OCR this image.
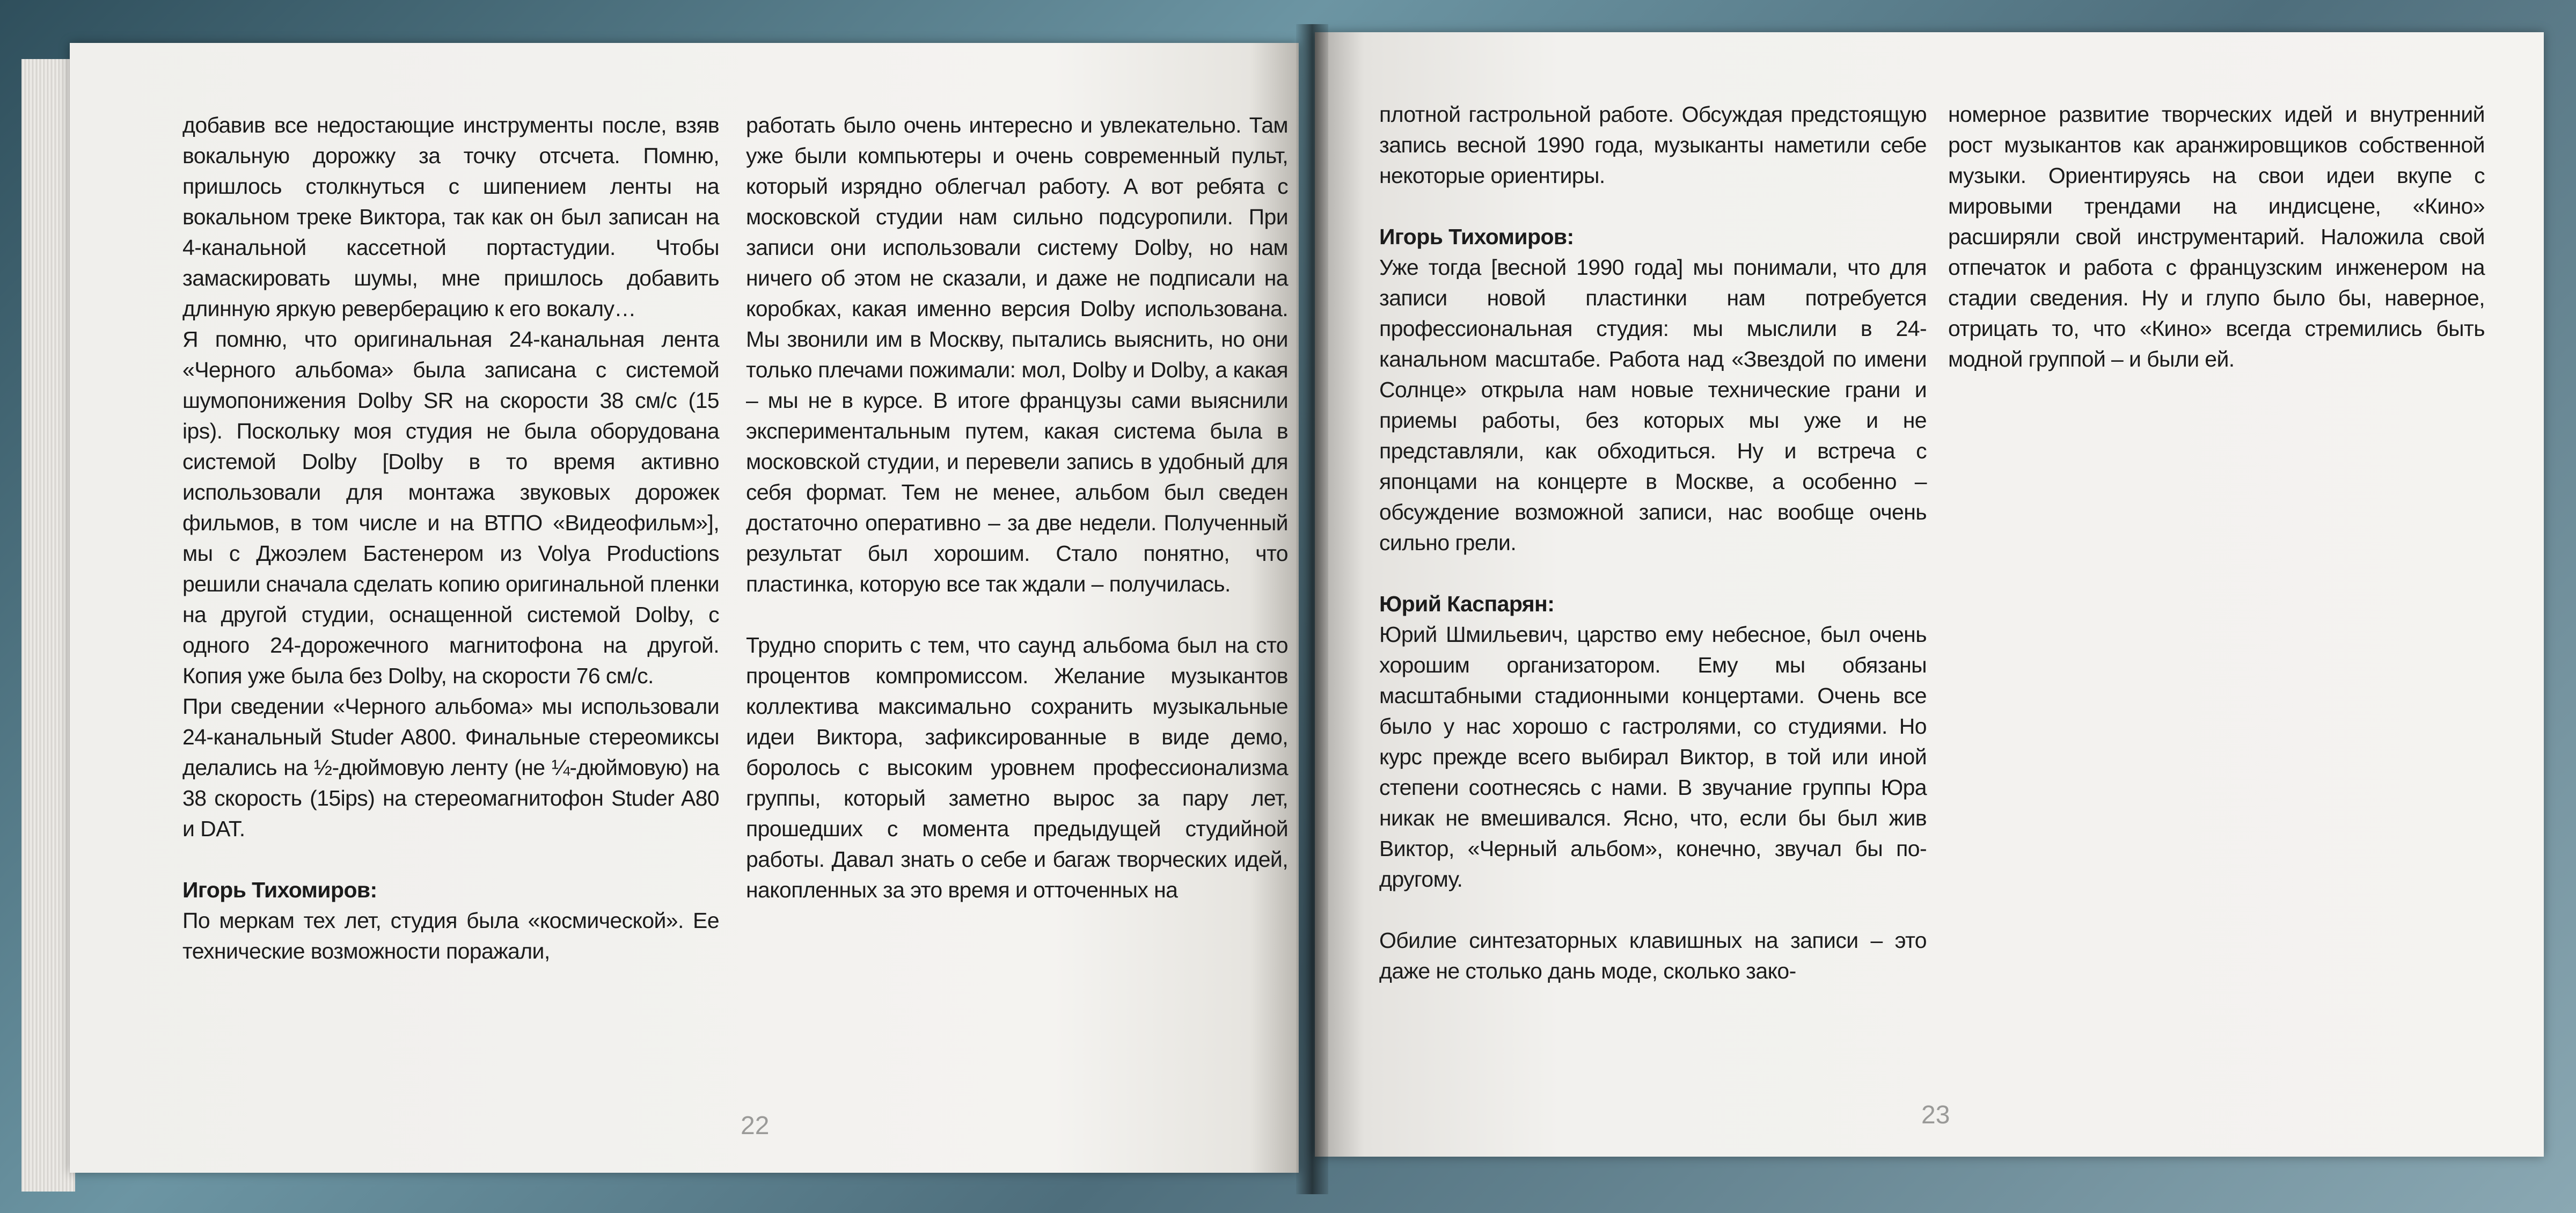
добавив все недостающие инструменты после, взяв вокальную дорожку за точку отсчета. Помню, пришлось столкнуться с шипением ленты на вокальном треке Виктора, так как он был записан на 4-канальной кассетной портастудии. Чтобы замаскировать шумы, мне пришлось добавить длинную яркую реверберацию к его вокалу…

Я помню, что оригинальная 24-канальная лента «Черного альбома» была записана с системой шумопонижения Dolby SR на скорости 38 см/с (15 ips). Поскольку моя студия не была оборудована системой Dolby [Dolby в то время активно использовали для монтажа звуковых дорожек фильмов, в том числе и на ВТПО «Видеофильм»], мы с Джоэлем Бастенером из Volya Productions решили сначала сделать копию оригинальной пленки на другой студии, оснащенной системой Dolby, с одного 24-дорожечного магнитофона на другой. Копия уже была без Dolby, на скорости 76 см/с.

При сведении «Черного альбома» мы использовали 24-канальный Studer A800. Финальные стереомиксы делались на ½-дюймовую ленту (не ¼-дюймовую) на 38 скорость (15ips) на стереомагнитофон Studer A80 и DAT.

Игорь Тихомиров:

По меркам тех лет, студия была «космической». Ее технические возможности поражали,

работать было очень интересно и увлекательно. Там уже были компьютеры и очень современный пульт, который изрядно облегчал работу. А вот ребята с московской студии нам сильно подсуропили. При записи они использовали систему Dolby, но нам ничего об этом не сказали, и даже не подписали на коробках, какая именно версия Dolby использована. Мы звонили им в Москву, пытались выяснить, но они только плечами пожимали: мол, Dolby и Dolby, а какая – мы не в курсе. В итоге французы сами выяснили экспериментальным путем, какая система была в московской студии, и перевели запись в удобный для себя формат. Тем не менее, альбом был сведен достаточно оперативно – за две недели. Полученный результат был хорошим. Стало понятно, что пластинка, которую все так ждали – получилась.

Трудно спорить с тем, что саунд альбома был на сто процентов компромиссом. Желание музыкантов коллектива максимально сохранить музыкальные идеи Виктора, зафиксированные в виде демо, боролось с высоким уровнем профессионализма группы, который заметно вырос за пару лет, прошедших с момента предыдущей студийной работы. Давал знать о себе и багаж творческих идей, накопленных за это время и отточенных на

22

плотной гастрольной работе. Обсуждая предстоящую запись весной 1990 года, музыканты наметили себе некоторые ориентиры.

Игорь Тихомиров:

Уже тогда [весной 1990 года] мы понимали, что для записи новой пластинки нам потребуется профессиональная студия: мы мыслили в 24-канальном масштабе. Работа над «Звездой по имени Солнце» открыла нам новые технические грани и приемы работы, без которых мы уже и не представляли, как обходиться. Ну и встреча с японцами на концерте в Москве, а особенно – обсуждение возможной записи, нас вообще очень сильно грели.

Юрий Каспарян:

Юрий Шмильевич, царство ему небесное, был очень хорошим организатором. Ему мы обязаны масштабными стадионными концертами. Очень все было у нас хорошо с гастролями, со студиями. Но курс прежде всего выбирал Виктор, в той или иной степени соотнесясь с нами. В звучание группы Юра никак не вмешивался. Ясно, что, если бы был жив Виктор, «Черный альбом», конечно, звучал бы по-другому.

Обилие синтезаторных клавишных на записи – это даже не столько дань моде, сколько зако-

номерное развитие творческих идей и внутренний рост музыкантов как аранжировщиков собственной музыки. Ориентируясь на свои идеи вкупе с мировыми трендами на индисцене, «Кино» расширяли свой инструментарий. Наложила свой отпечаток и работа с французским инженером на стадии сведения. Ну и глупо было бы, наверное, отрицать то, что «Кино» всегда стремились быть модной группой – и были ей.

23
